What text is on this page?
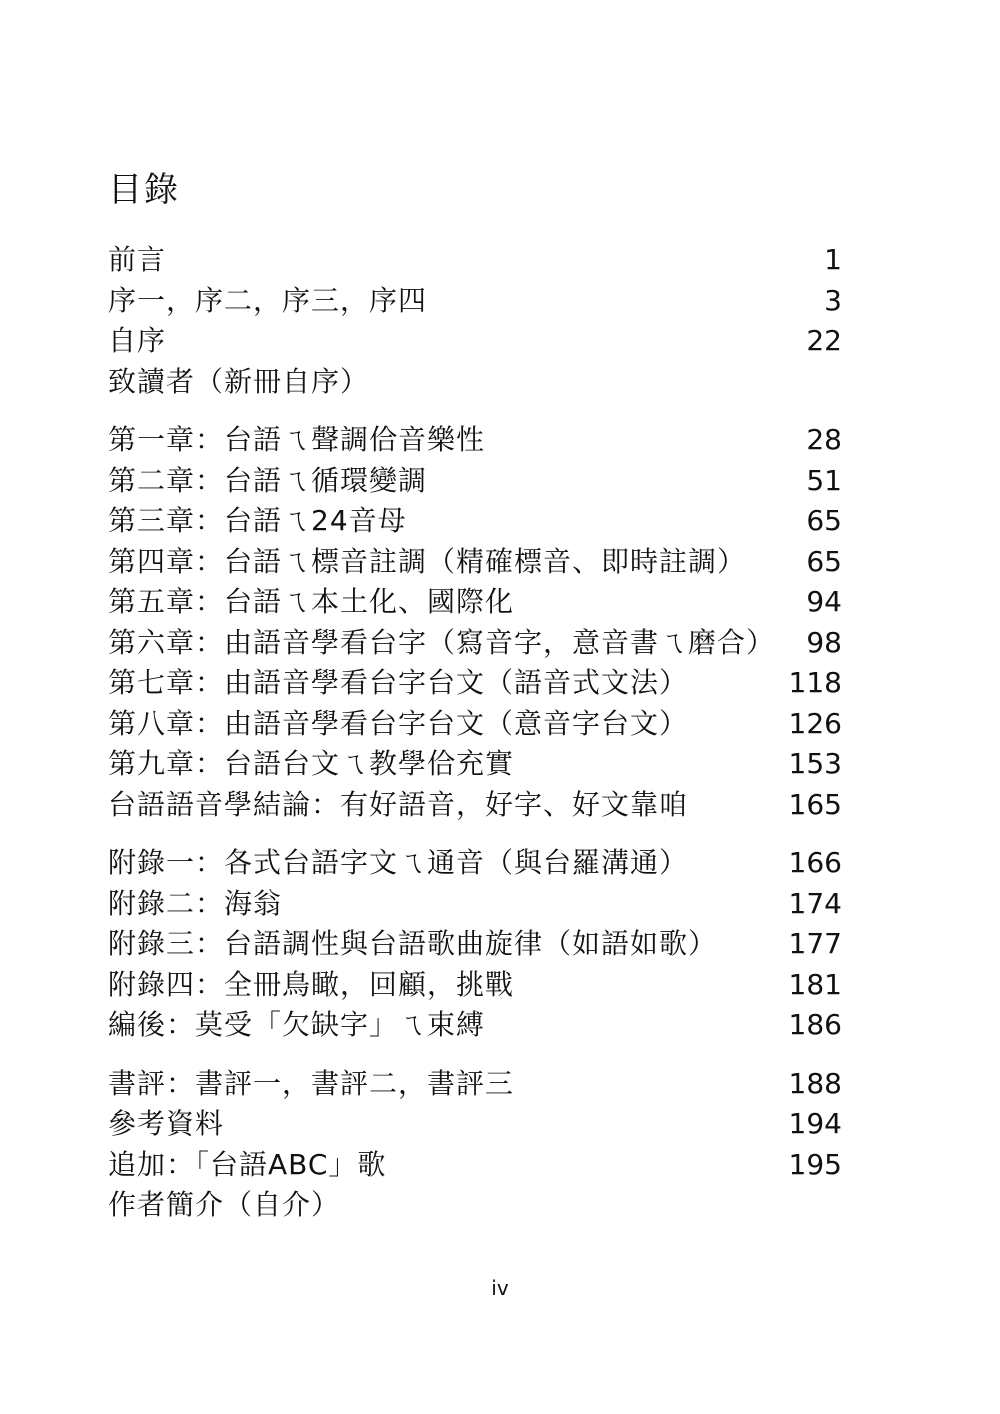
目錄
前言	1
序一，序二，序三，序四	3
自序	22
致讀者（新冊自序）
第一章：台語ㄟ聲調佮音樂性	28
第二章：台語ㄟ循環變調	51
第三章：台語ㄟ24音母	65
第四章：台語ㄟ標音註調（精確標音、即時註調） 65
第五章：台語ㄟ本土化、國際化	94
第六章：由語音學看台字（寫音字，意音書ㄟ磨合） 98
第七章：由語音學看台字台文（語音式文法）	118
第八章：由語音學看台字台文（意音字台文）	126
第九章：台語台文ㄟ教學佮充實	153
台語語音學結論：有好語音，好字、好文靠咱	165
附錄一：各式台語字文ㄟ通音（與台羅溝通）	166
附錄二：海翁	174
附錄三：台語調性與台語歌曲旋律（如語如歌）	177
附錄四：全冊鳥瞰，回顧，挑戰	181
編後：莫受「欠缺字」ㄟ束縛	186
書評：書評一，書評二，書評三	188
參考資料	194
追加：「台語ABC」歌	195
作者簡介（自介）
iv
